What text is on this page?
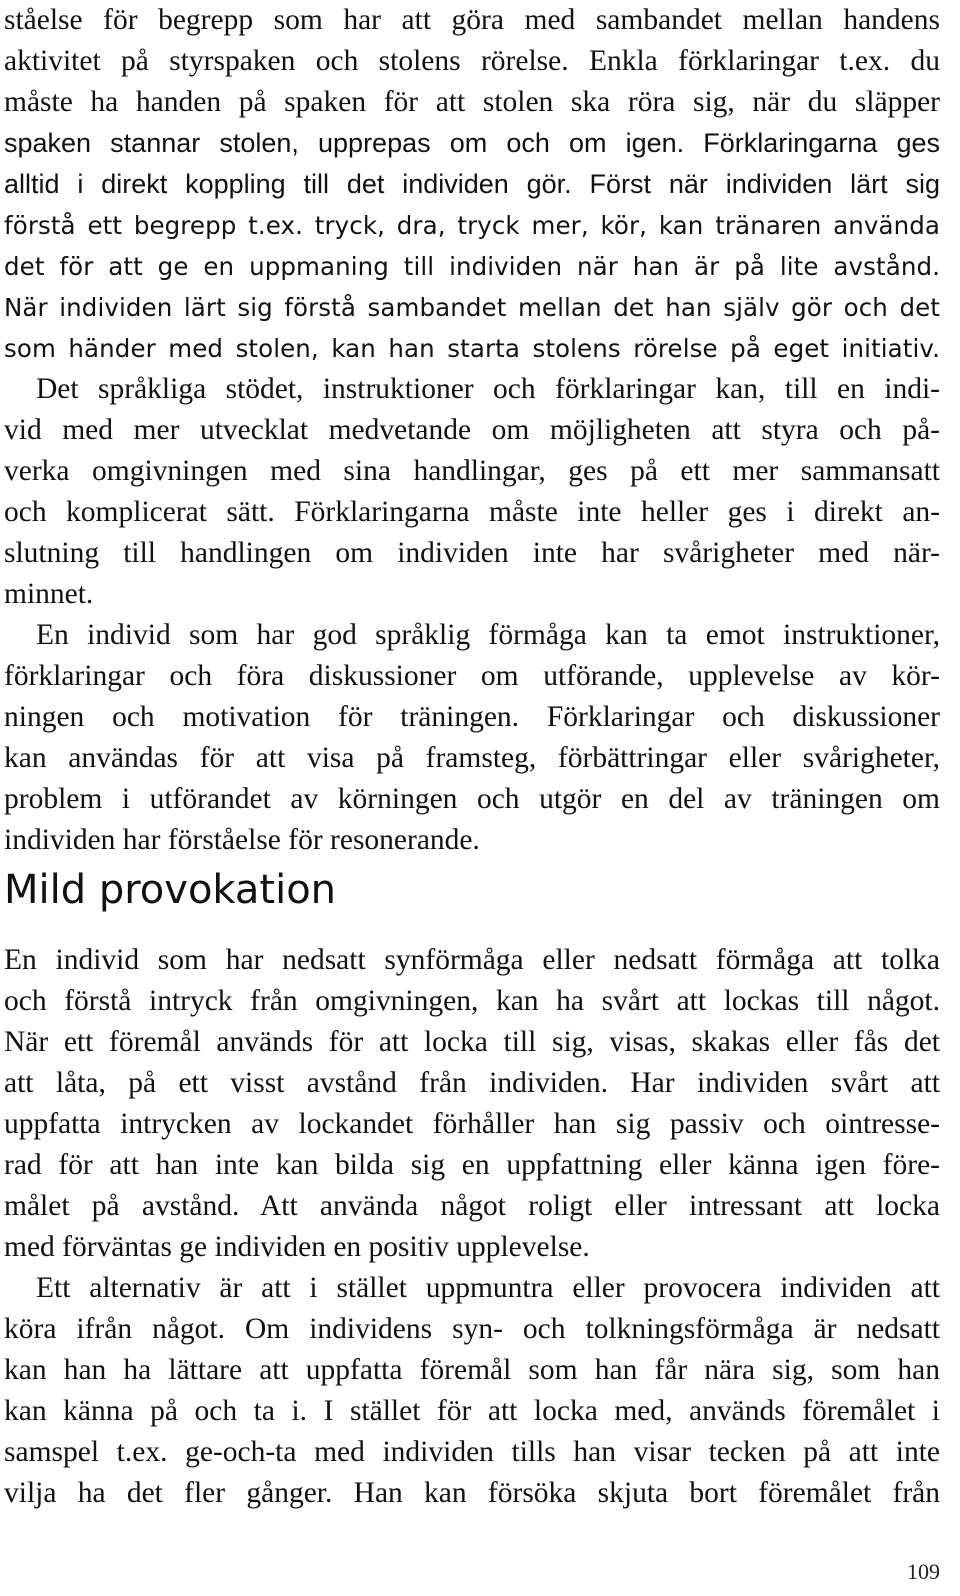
ståelse för begrepp som har att göra med sambandet mellan handens
aktivitet på styrspaken och stolens rörelse. Enkla förklaringar t.ex. du
måste ha handen på spaken för att stolen ska röra sig, när du släpper
spaken stannar stolen, upprepas om och om igen. Förklaringarna ges
alltid i direkt koppling till det individen gör. Först när individen lärt sig
förstå ett begrepp t.ex. tryck, dra, tryck mer, kör, kan tränaren använda
det för att ge en uppmaning till individen när han är på lite avstånd.
När individen lärt sig förstå sambandet mellan det han själv gör och det
som händer med stolen, kan han starta stolens rörelse på eget initiativ.
Det språkliga stödet, instruktioner och förklaringar kan, till en indi-
vid med mer utvecklat medvetande om möjligheten att styra och på-
verka omgivningen med sina handlingar, ges på ett mer sammansatt
och komplicerat sätt. Förklaringarna måste inte heller ges i direkt an-
slutning till handlingen om individen inte har svårigheter med när-
minnet.
En individ som har god språklig förmåga kan ta emot instruktioner,
förklaringar och föra diskussioner om utförande, upplevelse av kör-
ningen och motivation för träningen. Förklaringar och diskussioner
kan användas för att visa på framsteg, förbättringar eller svårigheter,
problem i utförandet av körningen och utgör en del av träningen om
individen har förståelse för resonerande.
Mild provokation
En individ som har nedsatt synförmåga eller nedsatt förmåga att tolka
och förstå intryck från omgivningen, kan ha svårt att lockas till något.
När ett föremål används för att locka till sig, visas, skakas eller fås det
att låta, på ett visst avstånd från individen. Har individen svårt att
uppfatta intrycken av lockandet förhåller han sig passiv och ointresse-
rad för att han inte kan bilda sig en uppfattning eller känna igen före-
målet på avstånd. Att använda något roligt eller intressant att locka
med förväntas ge individen en positiv upplevelse.
Ett alternativ är att i stället uppmuntra eller provocera individen att
köra ifrån något. Om individens syn- och tolkningsförmåga är nedsatt
kan han ha lättare att uppfatta föremål som han får nära sig, som han
kan känna på och ta i. I stället för att locka med, används föremålet i
samspel t.ex. ge-och-ta med individen tills han visar tecken på att inte
vilja ha det fler gånger. Han kan försöka skjuta bort föremålet från
109
